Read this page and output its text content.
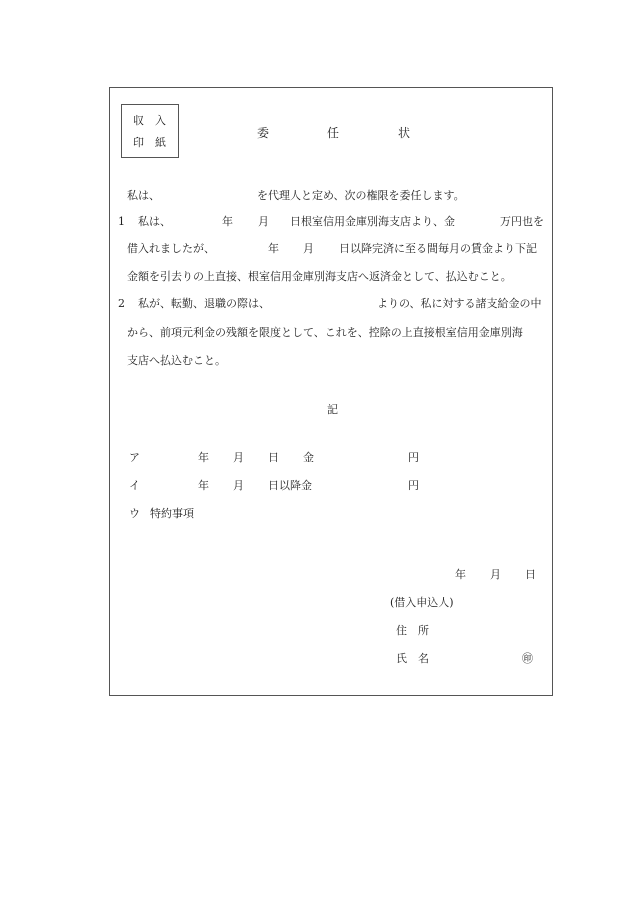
収　入
印　紙
委	任	状
私は、	を代理人と定め、次の権限を委任します。
1 私は、	年 月 日根室信用金庫別海支店より、金	万円也を
借入れましたが、	年 月 日以降完済に至る間毎月の賃金より下記
金額を引去りの上直接、根室信用金庫別海支店へ返済金として、払込むこと。
2 私が、転勤、退職の際は、	よりの、私に対する諸支給金の中
から、前項元利金の残額を限度として、これを、控除の上直接根室信用金庫別海
支店へ払込むこと。
記
ア	年 月 日 金	円
イ	年 月 日以降金	円
ウ 特約事項
年 月 日
(借入申込人)
住　所
氏　名	㊞
